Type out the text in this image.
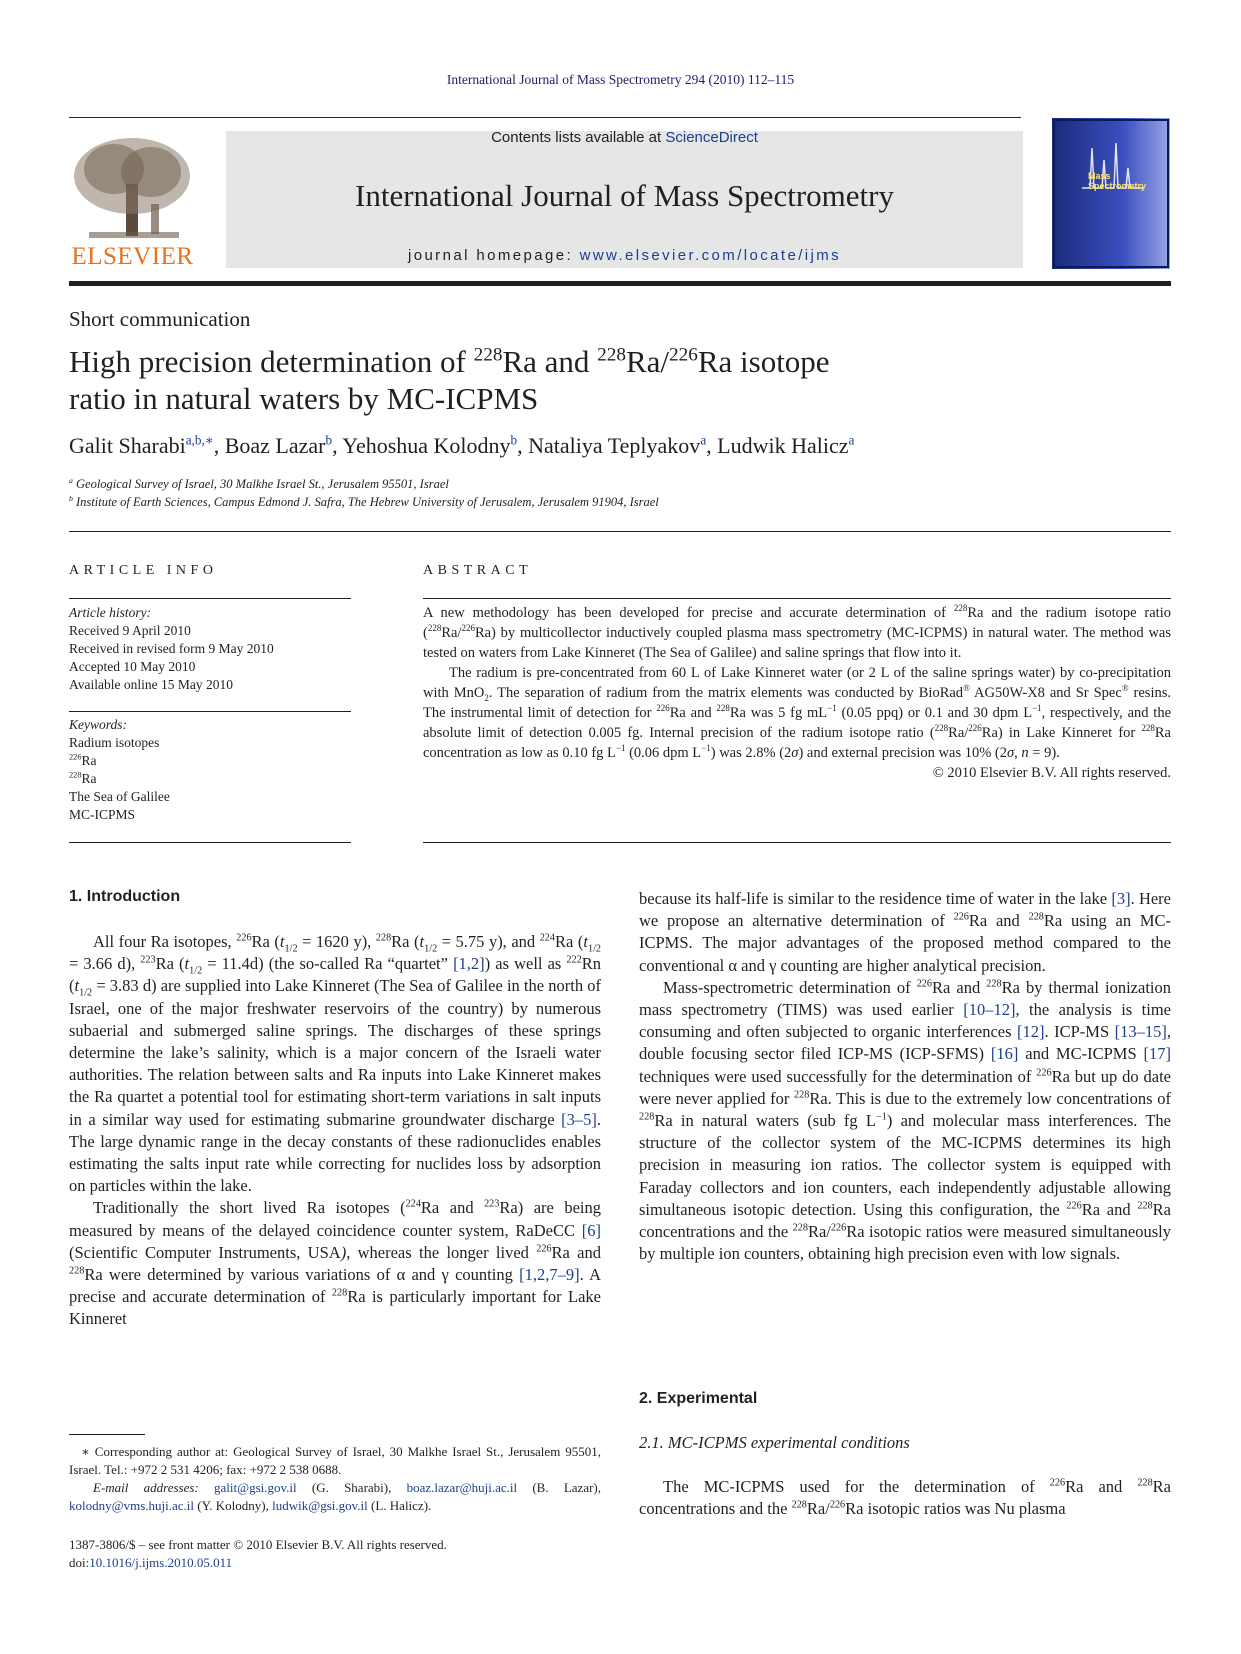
International Journal of Mass Spectrometry 294 (2010) 112–115
ELSEVIER
Contents lists available at ScienceDirect
International Journal of Mass Spectrometry
journal homepage: www.elsevier.com/locate/ijms
Mass Spectrometry
Short communication
High precision determination of $^{228}$Ra and $^{228}$Ra/$^{226}$Ra isotope
ratio in natural waters by MC-ICPMS
Galit Sharabi$^{a,b,∗}$, Boaz Lazar$^b$, Yehoshua Kolodny$^b$, Nataliya Teplyakov$^a$, Ludwik Halicz$^a$
$^a$ Geological Survey of Israel, 30 Malkhe Israel St., Jerusalem 95501, Israel
$^b$ Institute of Earth Sciences, Campus Edmond J. Safra, The Hebrew University of Jerusalem, Jerusalem 91904, Israel
ARTICLE INFO
Article history:
Received 9 April 2010
Received in revised form 9 May 2010
Accepted 10 May 2010
Available online 15 May 2010
Keywords:
Radium isotopes
$^{226}$Ra
$^{228}$Ra
The Sea of Galilee
MC-ICPMS
ABSTRACT

A new methodology has been developed for precise and accurate determination of $^{228}$Ra and the radium isotope ratio ($^{228}$Ra/$^{226}$Ra) by multicollector inductively coupled plasma mass spectrometry (MC-ICPMS) in natural water. The method was tested on waters from Lake Kinneret (The Sea of Galilee) and saline springs that flow into it.

The radium is pre-concentrated from 60 L of Lake Kinneret water (or 2 L of the saline springs water) by co-precipitation with MnO$_2$. The separation of radium from the matrix elements was conducted by BioRad® AG50W-X8 and Sr Spec® resins. The instrumental limit of detection for $^{226}$Ra and $^{228}$Ra was 5 fg $mL^{-1}$ (0.05 ppq) or 0.1 and 30 dpm $L^{-1}$, respectively, and the absolute limit of detection 0.005 fg. Internal precision of the radium isotope ratio ($^{228}$Ra/$^{226}$Ra) in Lake Kinneret for $^{228}$Ra concentration as low as 0.10 fg $L^{-1}$ (0.06 dpm $L^{-1}$) was 2.8% (2σ) and external precision was 10% (2σ, n = 9).

© 2010 Elsevier B.V. All rights reserved.

1. Introduction

All four Ra isotopes, $^{226}$Ra ($t_{1/2} = 1620$ y), $^{228}$Ra ($t_{1/2} = 5.75$ y), and $^{224}$Ra ($t_{1/2} = 3.66$ d), $^{223}$Ra $(t_{1/2} = 11.4d)$ (the so-called Ra “quartet” [1,2]) as well as $^{222}$Rn ($t_{1/2} = 3.83$ d) are supplied into Lake Kinneret (The Sea of Galilee in the north of Israel, one of the major freshwater reservoirs of the country) by numerous subaerial and submerged saline springs. The discharges of these springs determine the lake’s salinity, which is a major concern of the Israeli water authorities. The relation between salts and Ra inputs into Lake Kinneret makes the Ra quartet a potential tool for estimating short-term variations in salt inputs in a similar way used for estimating submarine groundwater discharge [3–5]. The large dynamic range in the decay constants of these radionuclides enables estimating the salts input rate while correcting for nuclides loss by adsorption on particles within the lake.

Traditionally the short lived Ra isotopes ($^{224}$Ra and $^{223}$Ra) are being measured by means of the delayed coincidence counter system, RaDeCC [6] (Scientific Computer Instruments, USA), whereas the longer lived $^{226}$Ra and $^{228}$Ra were determined by various variations of α and γ counting [1,2,7–9]. A precise and accurate determination of $^{228}$Ra is particularly important for Lake Kinneret

∗ Corresponding author at: Geological Survey of Israel, 30 Malkhe Israel St., Jerusalem 95501, Israel. Tel.: +972 2 531 4206; fax: +972 2 538 0688.
E-mail addresses: galit@gsi.gov.il (G. Sharabi), boaz.lazar@huji.ac.il (B. Lazar), kolodny@vms.huji.ac.il (Y. Kolodny), ludwik@gsi.gov.il (L. Halicz).
1387-3806/$ – see front matter © 2010 Elsevier B.V. All rights reserved.
doi:10.1016/j.ijms.2010.05.011

because its half-life is similar to the residence time of water in the lake [3]. Here we propose an alternative determination of $^{226}$Ra and $^{228}$Ra using an MC-ICPMS. The major advantages of the proposed method compared to the conventional α and γ counting are higher analytical precision.

Mass-spectrometric determination of $^{226}$Ra and $^{228}$Ra by thermal ionization mass spectrometry (TIMS) was used earlier [10–12], the analysis is time consuming and often subjected to organic interferences [12]. ICP-MS [13–15], double focusing sector filed ICP-MS (ICP-SFMS) [16] and MC-ICPMS [17] techniques were used successfully for the determination of $^{226}$Ra but up do date were never applied for $^{228}$Ra. This is due to the extremely low concentrations of $^{228}$Ra in natural waters (sub fg $L^{-1}$) and molecular mass interferences. The structure of the collector system of the MC-ICPMS determines its high precision in measuring ion ratios. The collector system is equipped with Faraday collectors and ion counters, each independently adjustable allowing simultaneous isotopic detection. Using this configuration, the $^{226}$Ra and $^{228}$Ra concentrations and the $^{228}$Ra/$^{226}$Ra isotopic ratios were measured simultaneously by multiple ion counters, obtaining high precision even with low signals.

2. Experimental
2.1. MC-ICPMS experimental conditions

The MC-ICPMS used for the determination of $^{226}$Ra and $^{228}$Ra concentrations and the $^{228}$Ra/$^{226}$Ra isotopic ratios was Nu plasma
